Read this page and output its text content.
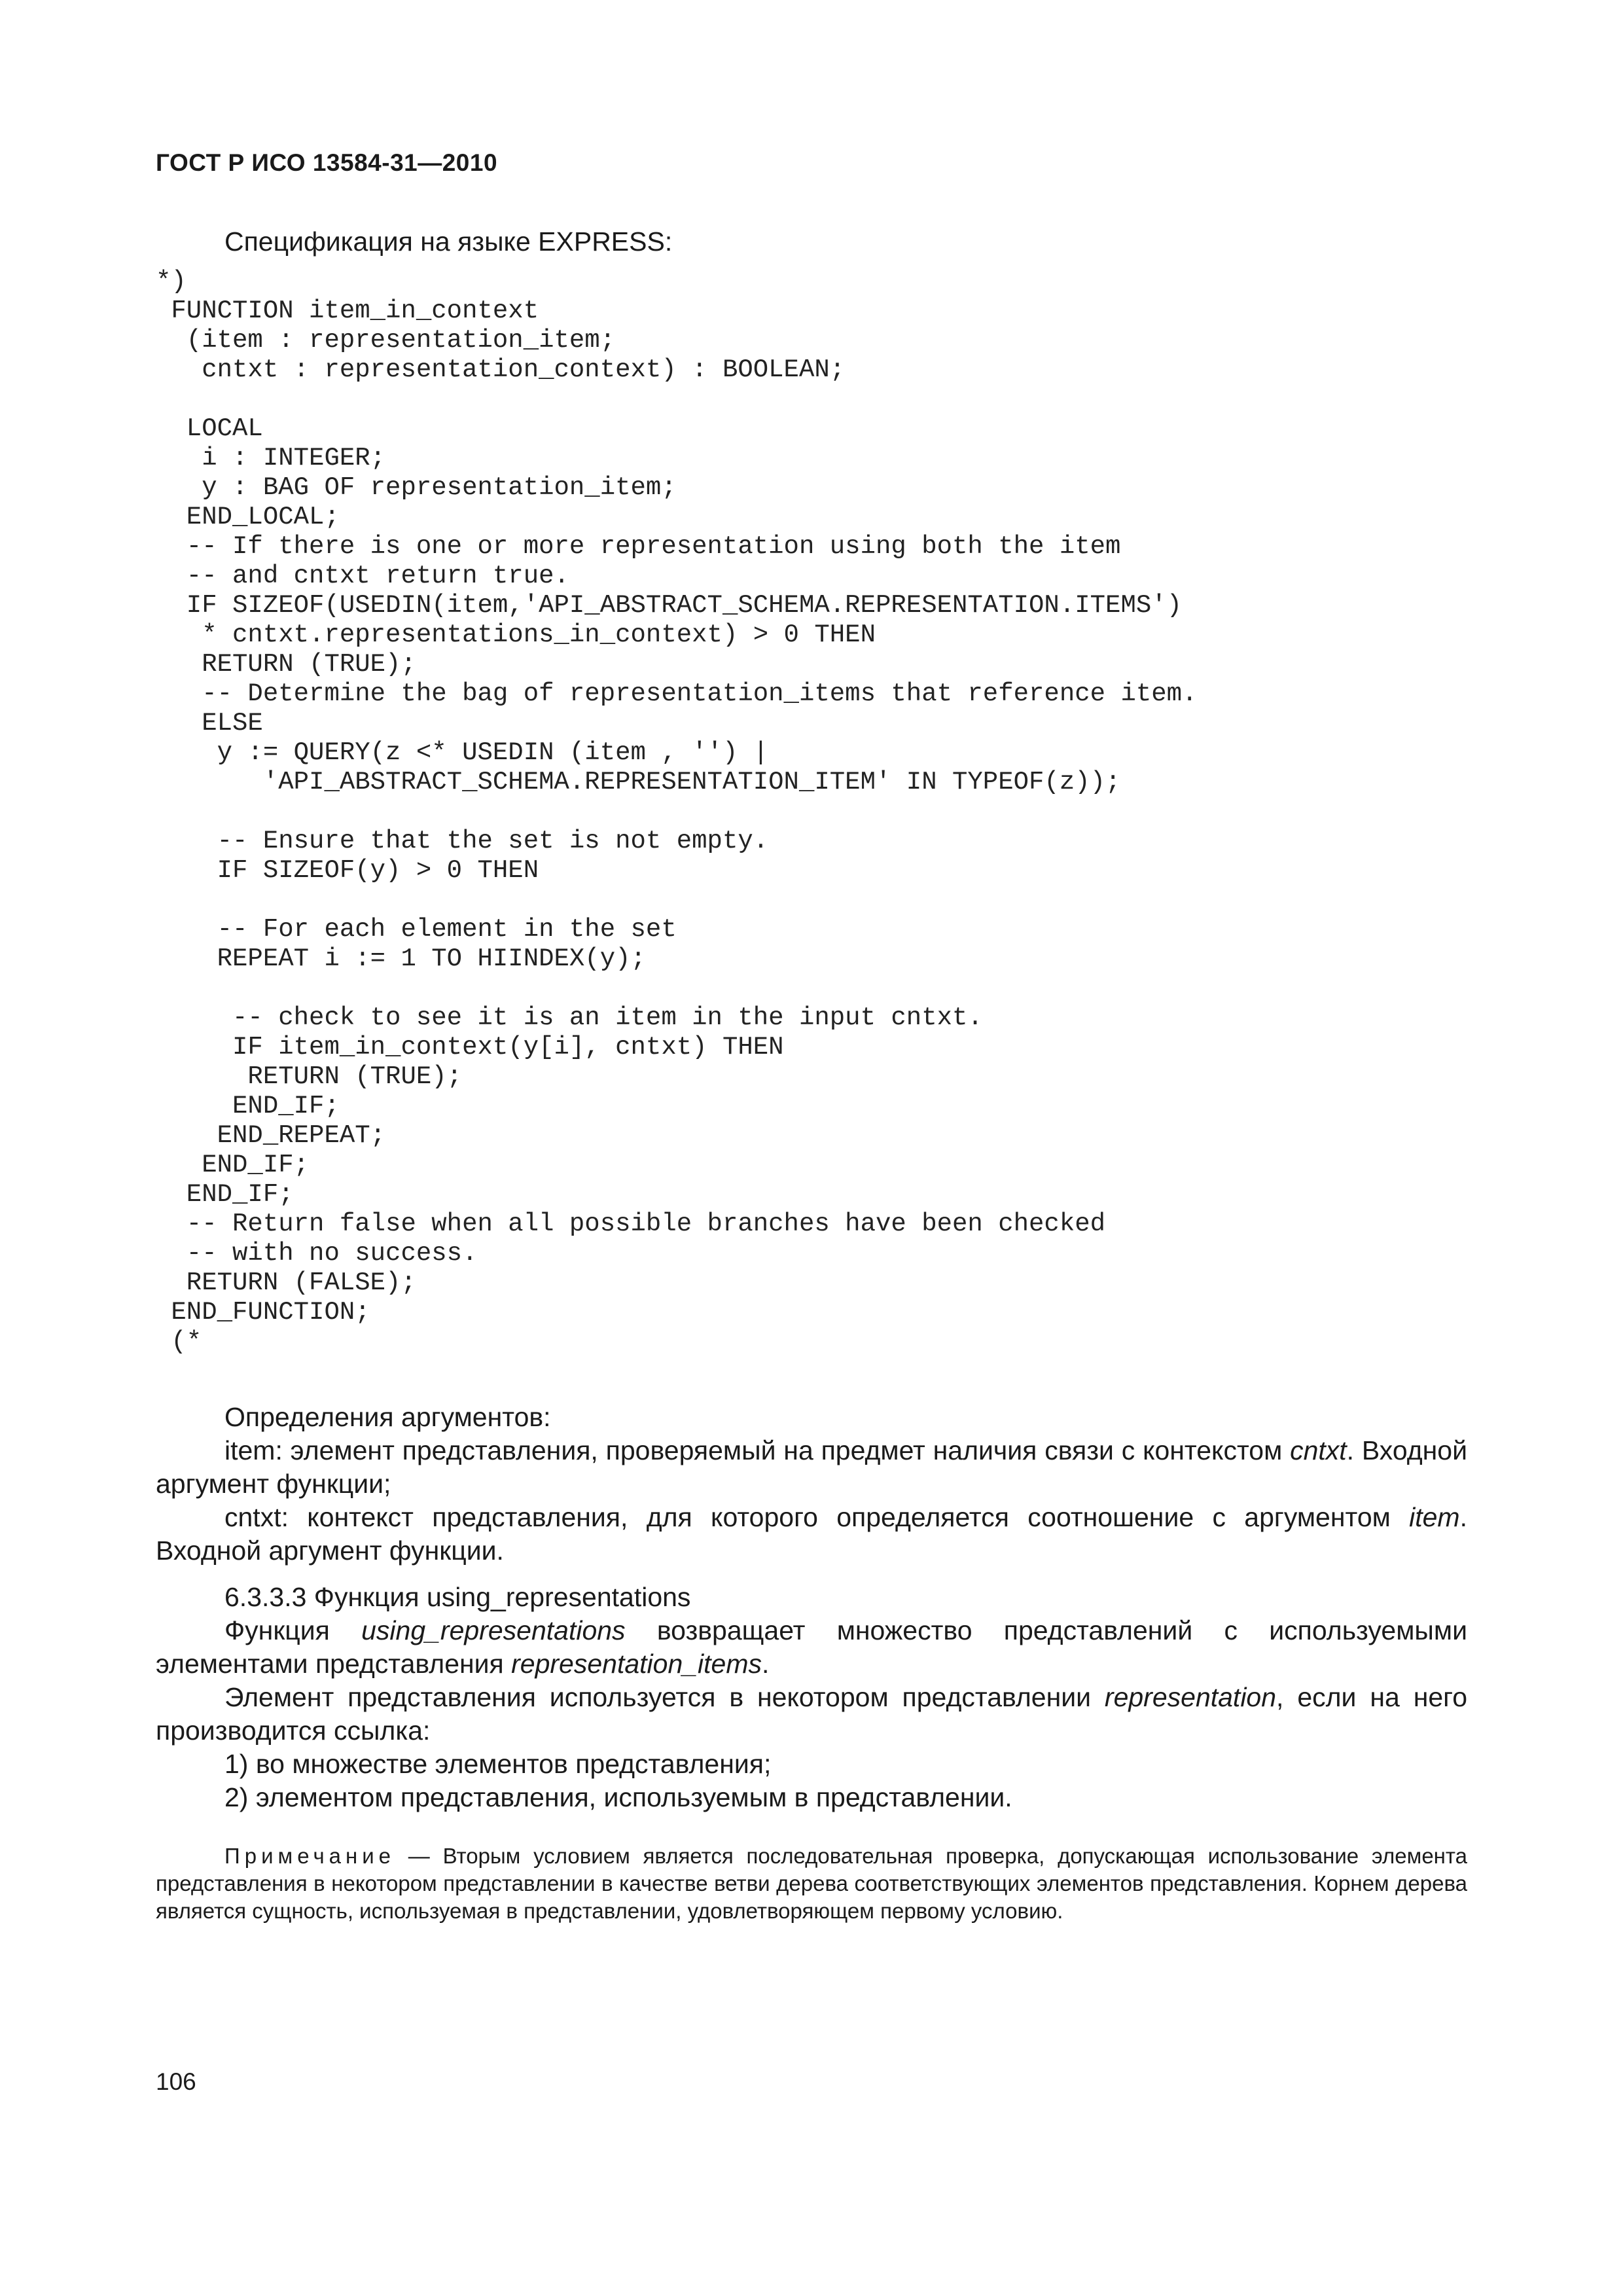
ГОСТ Р ИСО 13584-31—2010
Спецификация на языке EXPRESS:
*)
FUNCTION item_in_context
(item : representation_item;
cntxt : representation_context) : BOOLEAN;
LOCAL
i : INTEGER;
y : BAG OF representation_item;
END_LOCAL;
-- If there is one or more representation using both the item
-- and cntxt return true.
IF SIZEOF(USEDIN(item,'API_ABSTRACT_SCHEMA.REPRESENTATION.ITEMS')
* cntxt.representations_in_context) > 0 THEN
RETURN (TRUE);
-- Determine the bag of representation_items that reference item.
ELSE
y := QUERY(z <* USEDIN (item , '') |
'API_ABSTRACT_SCHEMA.REPRESENTATION_ITEM' IN TYPEOF(z));
-- Ensure that the set is not empty.
IF SIZEOF(y) > 0 THEN
-- For each element in the set
REPEAT i := 1 TO HIINDEX(y);
-- check to see it is an item in the input cntxt.
IF item_in_context(y[i], cntxt) THEN
RETURN (TRUE);
END_IF;
END_REPEAT;
END_IF;
END_IF;
-- Return false when all possible branches have been checked
-- with no success.
RETURN (FALSE);
END_FUNCTION;
(*

Определения аргументов:

item: элемент представления, проверяемый на предмет наличия связи с контекстом cntxt. Входной аргумент функции;

cntxt: контекст представления, для которого определяется соотношение с аргументом item. Входной аргумент функции.

6.3.3.3 Функция using_representations

Функция using_representations возвращает множество представлений с используемыми элементами представления representation_items.

Элемент представления используется в некотором представлении representation, если на него производится ссылка:

1) во множестве элементов представления;

2) элементом представления, используемым в представлении.

Примечание — Вторым условием является последовательная проверка, допускающая использование элемента представления в некотором представлении в качестве ветви дерева соответствующих элементов представления. Корнем дерева является сущность, используемая в представлении, удовлетворяющем первому условию.
106
